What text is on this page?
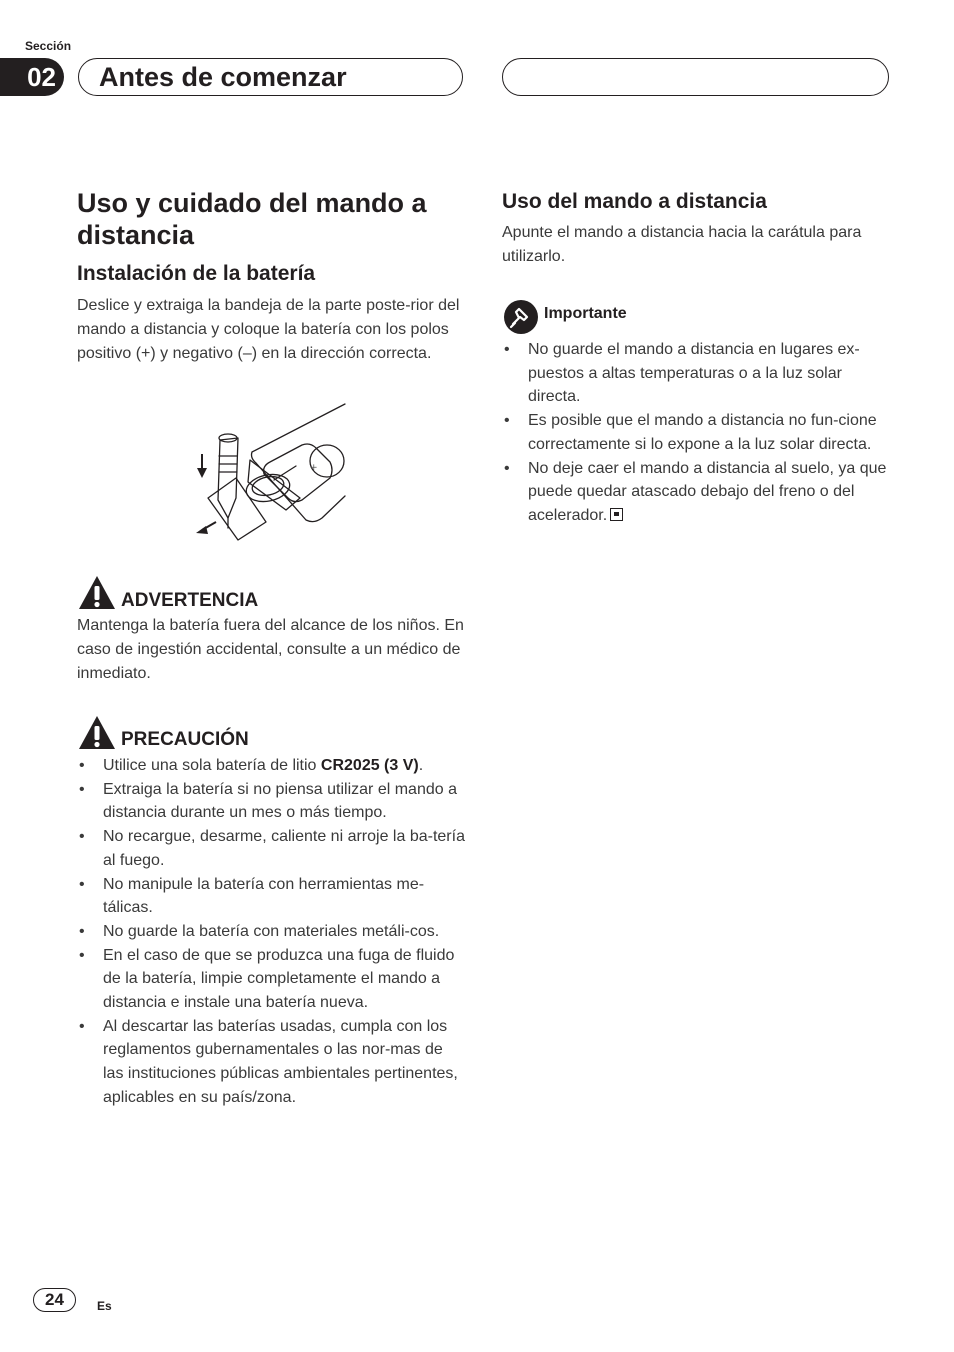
Sección
02 Antes de comenzar
Uso y cuidado del mando a distancia
Instalación de la batería

Deslice y extraiga la bandeja de la parte poste-rior del mando a distancia y coloque la batería con los polos positivo (+) y negativo (–) en la dirección correcta.

+
ADVERTENCIA

Mantenga la batería fuera del alcance de los niños. En caso de ingestión accidental, consulte a un médico de inmediato.

PRECAUCIÓN
• Utilice una sola batería de litio CR2025 (3 V).
• Extraiga la batería si no piensa utilizar el mando a distancia durante un mes o más tiempo.
• No recargue, desarme, caliente ni arroje la ba-tería al fuego.
• No manipule la batería con herramientas me-tálicas.
• No guarde la batería con materiales metáli-cos.
• En el caso de que se produzca una fuga de fluido de la batería, limpie completamente el mando a distancia e instale una batería nueva.
• Al descartar las baterías usadas, cumpla con los reglamentos gubernamentales o las nor-mas de las instituciones públicas ambientales pertinentes, aplicables en su país/zona.
Uso del mando a distancia

Apunte el mando a distancia hacia la carátula para utilizarlo.

Importante
• No guarde el mando a distancia en lugares ex-puestos a altas temperaturas o a la luz solar directa.
• Es posible que el mando a distancia no fun-cione correctamente si lo expone a la luz solar directa.
• No deje caer el mando a distancia al suelo, ya que puede quedar atascado debajo del freno o del acelerador.
24	Es
